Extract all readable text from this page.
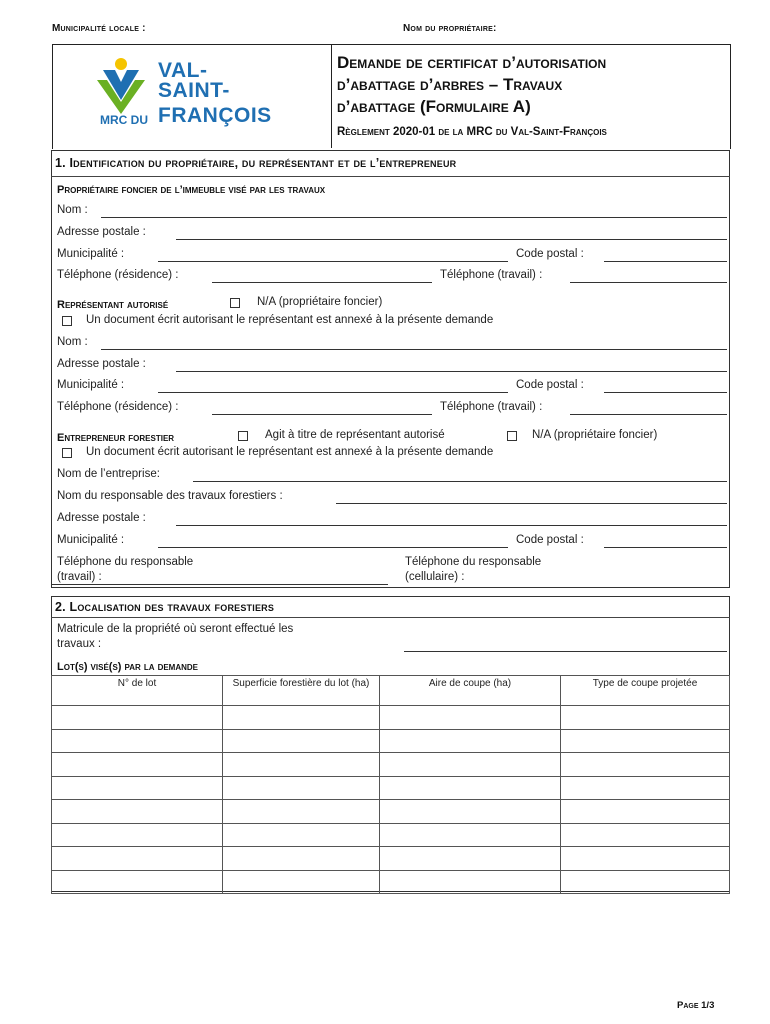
Municipalité locale :	Nom du propriétaire:
VAL-
SAINT-
MRC DU FRANÇOIS
Demande de certificat d’autorisation
d’abattage d’arbres – Travaux
d’abattage (Formulaire A)
Règlement 2020-01 de la MRC du Val-Saint-François
1. Identification du propriétaire, du représentant et de l’entrepreneur
Propriétaire foncier de l’immeuble visé par les travaux
Nom :
Adresse postale :
Municipalité :	Code postal :
Téléphone (résidence) :	Téléphone (travail) :
Représentant autorisé	N/A (propriétaire foncier)
Un document écrit autorisant le représentant est annexé à la présente demande
Nom :
Adresse postale :
Municipalité :	Code postal :
Téléphone (résidence) :	Téléphone (travail) :
Entrepreneur forestier	Agit à titre de représentant autorisé	N/A (propriétaire foncier)
Un document écrit autorisant le représentant est annexé à la présente demande
Nom de l’entreprise:
Nom du responsable des travaux forestiers :
Adresse postale :
Municipalité :	Code postal :
Téléphone du responsable
(travail) :
Téléphone du responsable
(cellulaire) :
2. Localisation des travaux forestiers
Matricule de la propriété où seront effectué les
travaux :
Lot(s) visé(s) par la demande
N° de lot	Superficie forestière du lot (ha)	Aire de coupe (ha)	Type de coupe projetée

Page 1/3
